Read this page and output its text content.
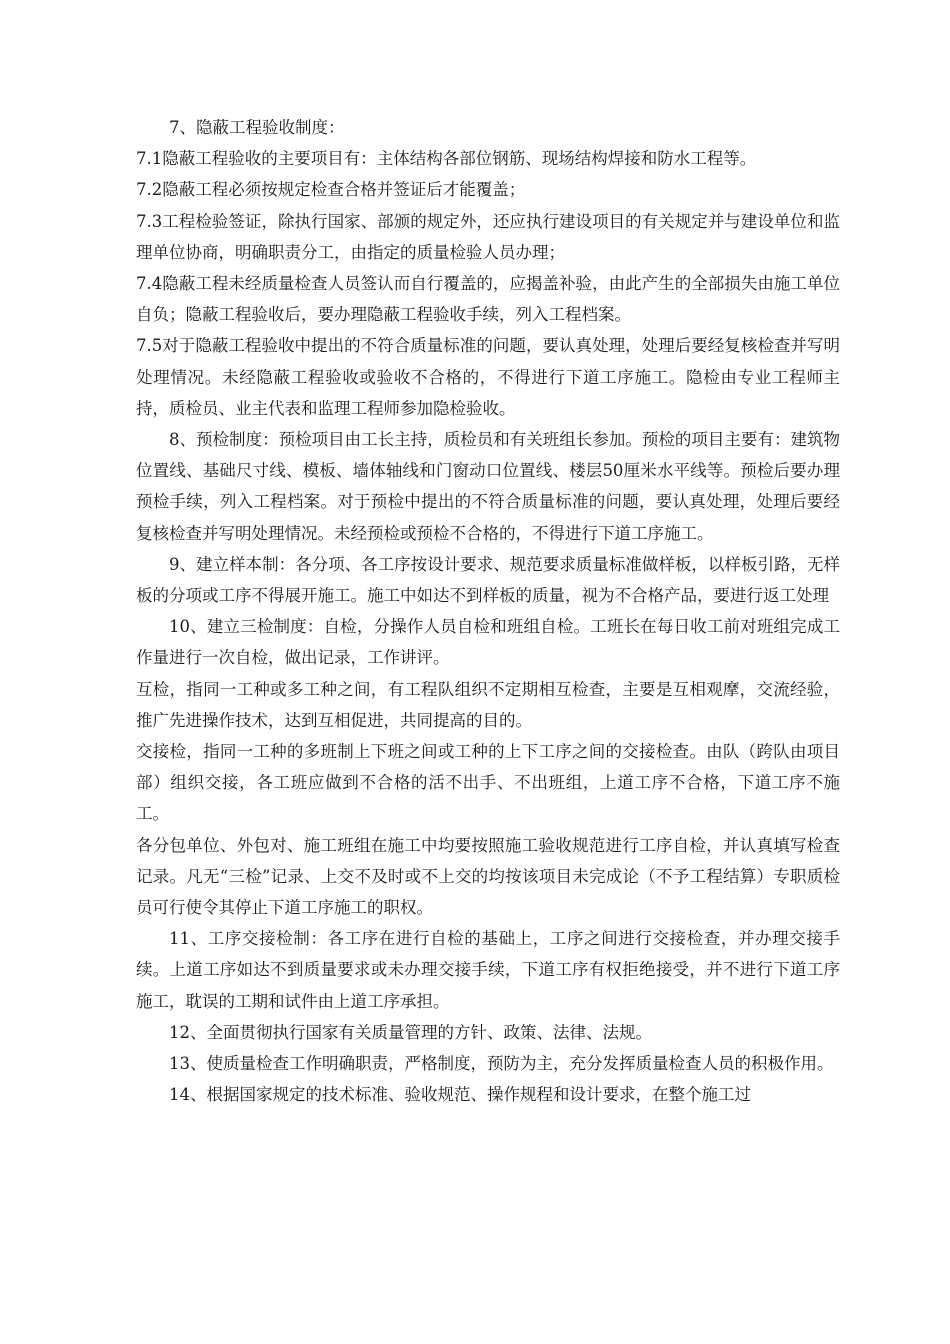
7、隐蔽工程验收制度：

7.1隐蔽工程验收的主要项目有：主体结构各部位钢筋、现场结构焊接和防水工程等。

7.2隐蔽工程必须按规定检查合格并签证后才能覆盖；

7.3工程检验签证，除执行国家、部颁的规定外，还应执行建设项目的有关规定并与建设单位和监理单位协商，明确职责分工，由指定的质量检验人员办理；

7.4隐蔽工程未经质量检查人员签认而自行覆盖的，应揭盖补验，由此产生的全部损失由施工单位自负；隐蔽工程验收后，要办理隐蔽工程验收手续，列入工程档案。

7.5对于隐蔽工程验收中提出的不符合质量标准的问题，要认真处理，处理后要经复核检查并写明处理情况。未经隐蔽工程验收或验收不合格的，不得进行下道工序施工。隐检由专业工程师主持，质检员、业主代表和监理工程师参加隐检验收。

8、预检制度：预检项目由工长主持，质检员和有关班组长参加。预检的项目主要有：建筑物位置线、基础尺寸线、模板、墙体轴线和门窗动口位置线、楼层50厘米水平线等。预检后要办理预检手续，列入工程档案。对于预检中提出的不符合质量标准的问题，要认真处理，处理后要经复核检查并写明处理情况。未经预检或预检不合格的，不得进行下道工序施工。

9、建立样本制：各分项、各工序按设计要求、规范要求质量标准做样板，以样板引路，无样板的分项或工序不得展开施工。施工中如达不到样板的质量，视为不合格产品，要进行返工处理

10、建立三检制度：自检，分操作人员自检和班组自检。工班长在每日收工前对班组完成工作量进行一次自检，做出记录，工作讲评。

互检，指同一工种或多工种之间，有工程队组织不定期相互检查，主要是互相观摩，交流经验，推广先进操作技术，达到互相促进，共同提高的目的。

交接检，指同一工种的多班制上下班之间或工种的上下工序之间的交接检查。由队（跨队由项目部）组织交接，各工班应做到不合格的活不出手、不出班组，上道工序不合格，下道工序不施工。

各分包单位、外包对、施工班组在施工中均要按照施工验收规范进行工序自检，并认真填写检查记录。凡无“三检”记录、上交不及时或不上交的均按该项目未完成论（不予工程结算）专职质检员可行使令其停止下道工序施工的职权。

11、工序交接检制：各工序在进行自检的基础上，工序之间进行交接检查，并办理交接手续。上道工序如达不到质量要求或未办理交接手续，下道工序有权拒绝接受，并不进行下道工序施工，耽误的工期和试件由上道工序承担。

12、全面贯彻执行国家有关质量管理的方针、政策、法律、法规。

13、使质量检查工作明确职责，严格制度，预防为主，充分发挥质量检查人员的积极作用。

14、根据国家规定的技术标准、验收规范、操作规程和设计要求，在整个施工过
